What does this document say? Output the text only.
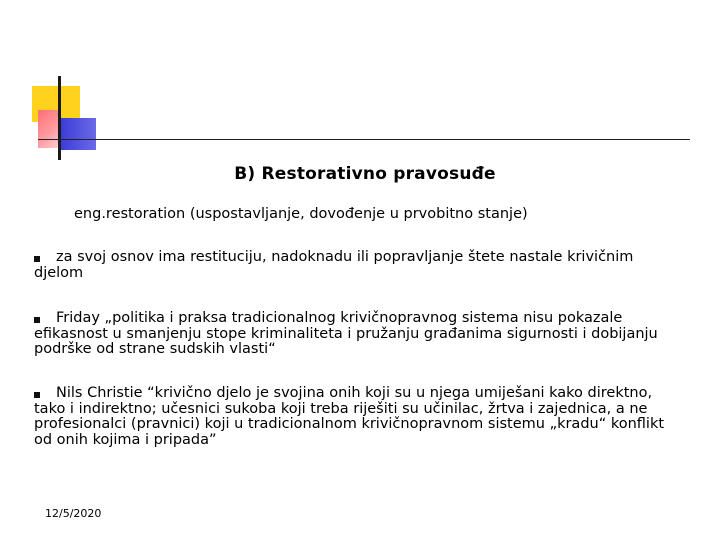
B) Restorativno pravosuđe
eng.restoration (uspostavljanje, dovođenje u prvobitno stanje)
za svoj osnov ima restituciju, nadoknadu ili popravljanje štete nastale krivičnim djelom
Friday „politika i praksa tradicionalnog krivičnopravnog sistema nisu pokazale efikasnost u smanjenju stope kriminaliteta i pružanju građanima sigurnosti i dobijanju podrške od strane sudskih vlasti“
Nils Christie “krivično djelo je svojina onih koji su u njega umiješani kako direktno, tako i indirektno; učesnici sukoba koji treba riješiti su učinilac, žrtva i zajednica, a ne profesionalci (pravnici) koji u tradicionalnom krivičnopravnom sistemu „kradu“ konflikt od onih kojima i pripada”
12/5/2020
